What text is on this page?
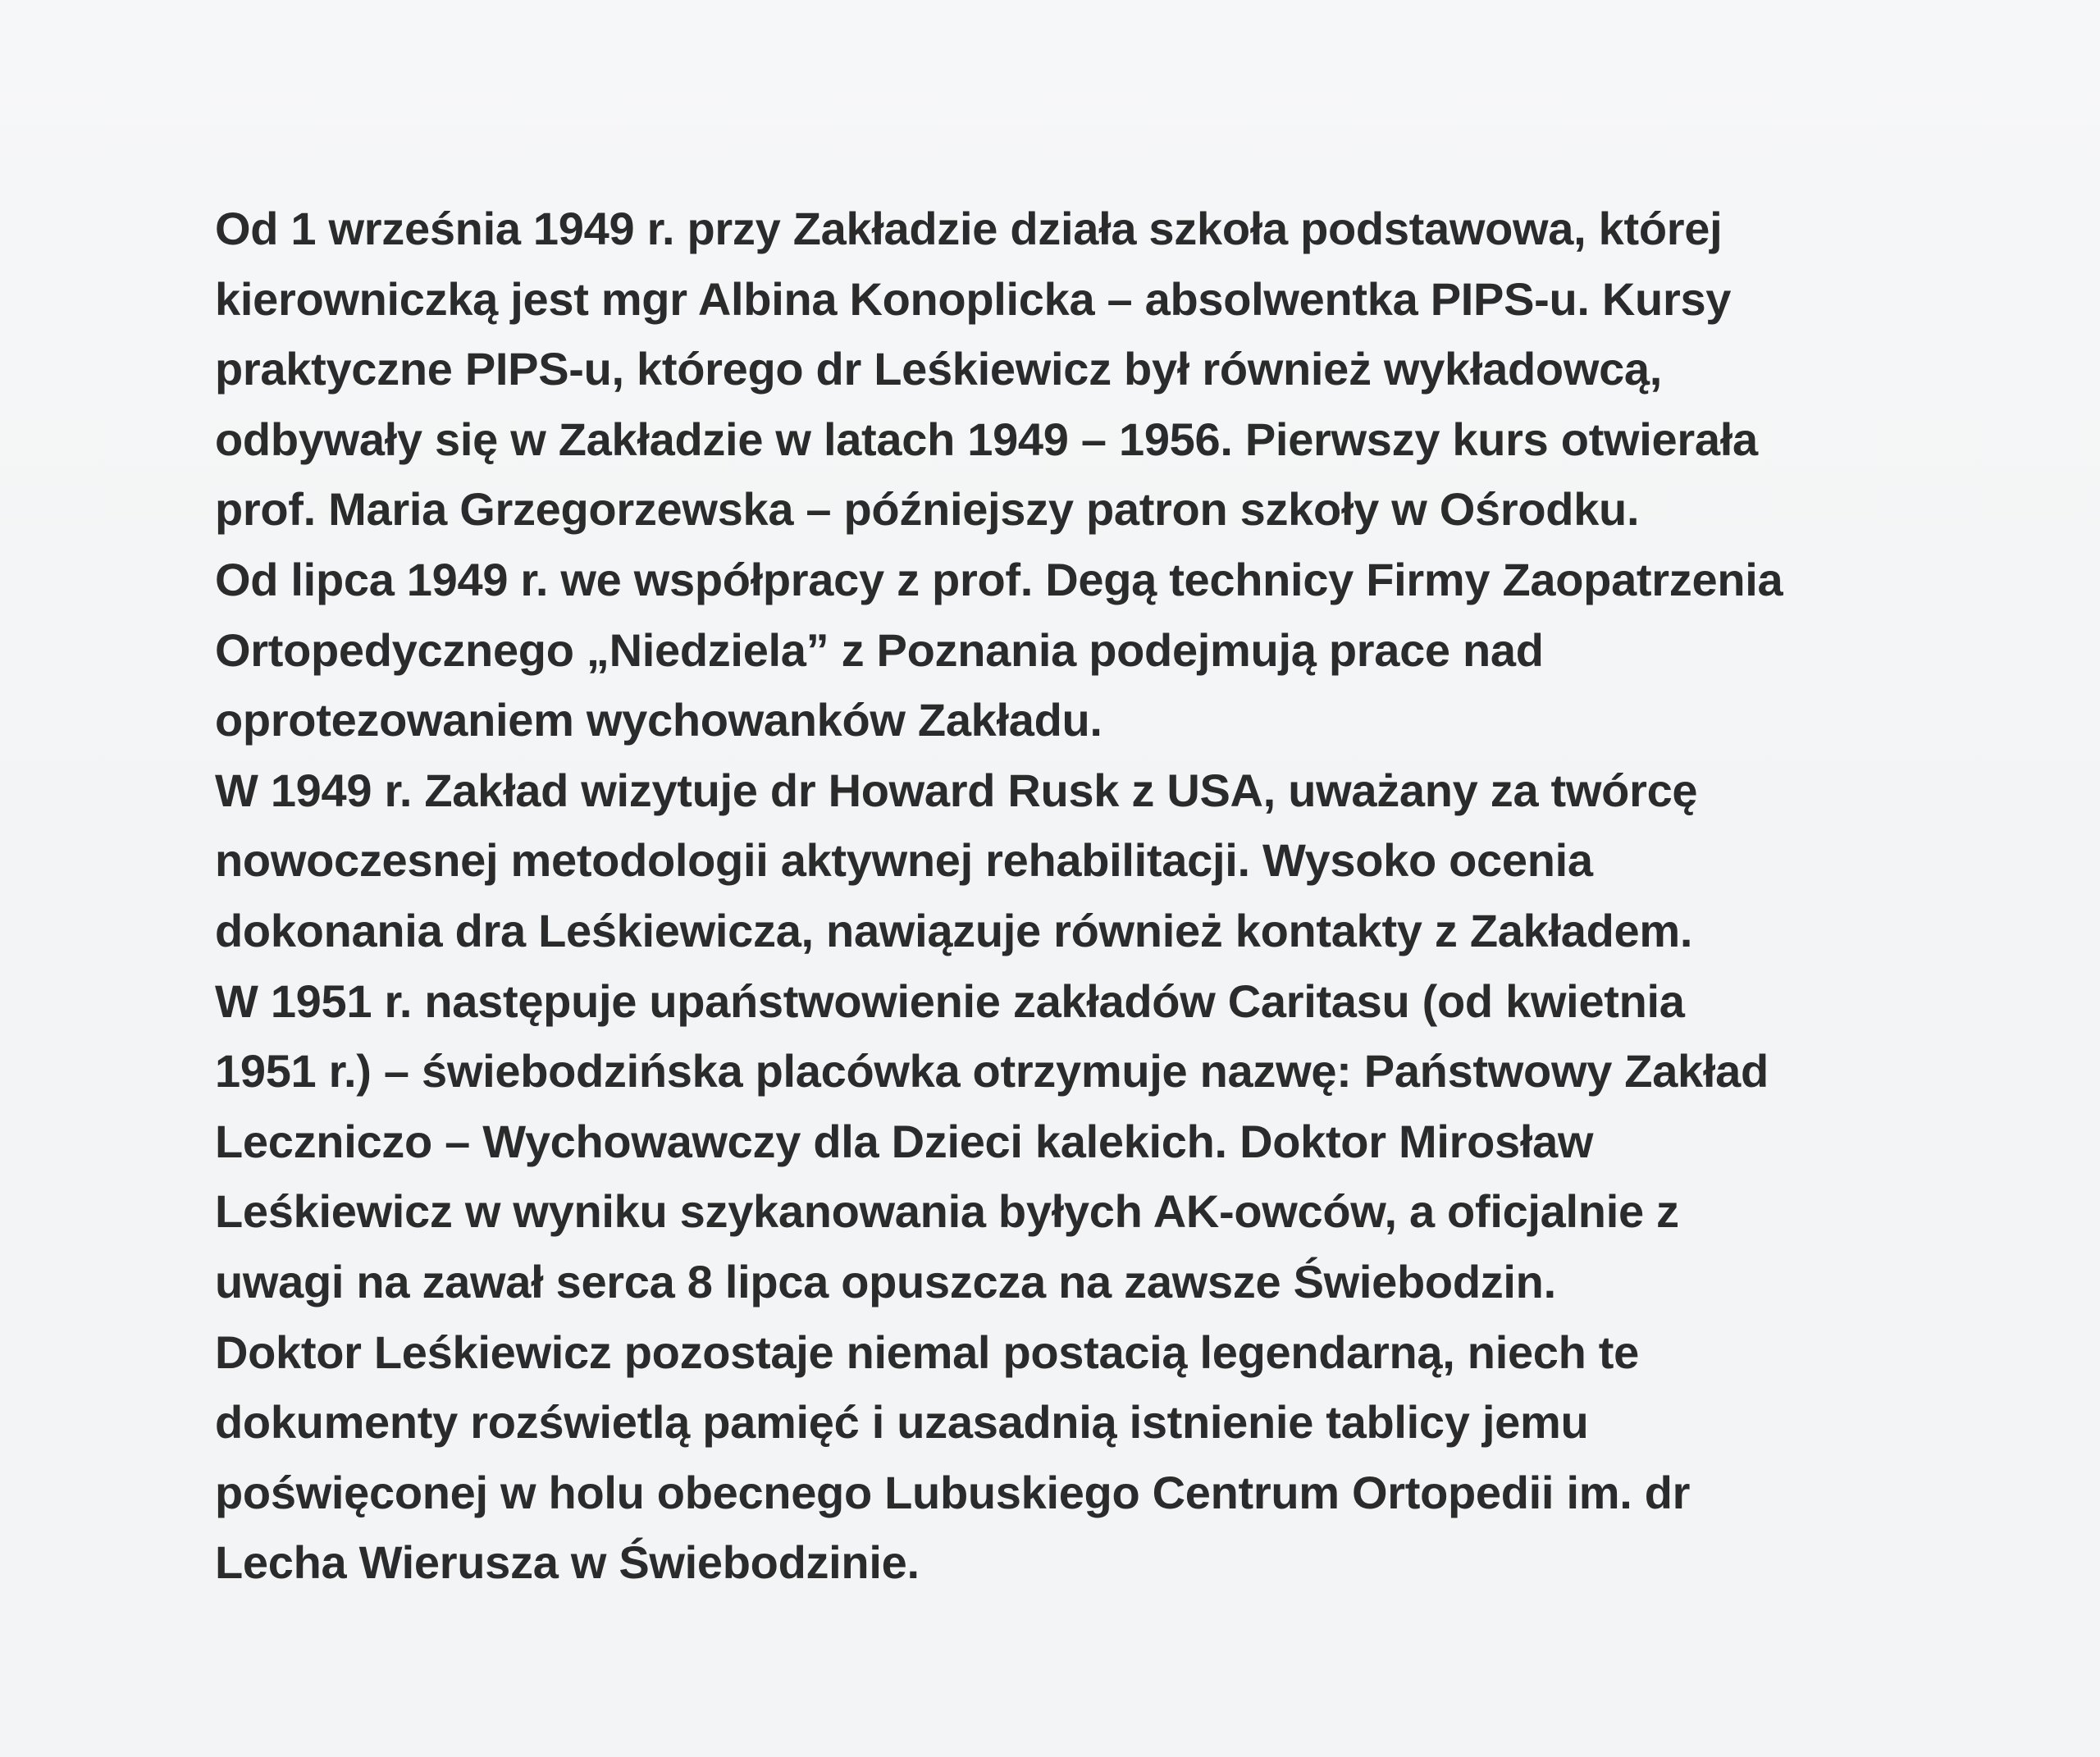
Od 1 września 1949 r. przy Zakładzie działa szkoła podstawowa, której
kierowniczką jest mgr Albina Konoplicka – absolwentka PIPS-u. Kursy
praktyczne PIPS-u, którego dr Leśkiewicz był również wykładowcą,
odbywały się w Zakładzie w latach 1949 – 1956. Pierwszy kurs otwierała
prof. Maria Grzegorzewska – późniejszy patron szkoły w Ośrodku.
Od lipca 1949 r. we współpracy z prof. Degą technicy Firmy Zaopatrzenia
Ortopedycznego „Niedziela” z Poznania podejmują prace nad
oprotezowaniem wychowanków Zakładu.
W 1949 r. Zakład wizytuje dr Howard Rusk z USA, uważany za twórcę
nowoczesnej metodologii aktywnej rehabilitacji. Wysoko ocenia
dokonania dra Leśkiewicza, nawiązuje również kontakty z Zakładem.
W 1951 r. następuje upaństwowienie zakładów Caritasu (od kwietnia
1951 r.) – świebodzińska placówka otrzymuje nazwę: Państwowy Zakład
Leczniczo – Wychowawczy dla Dzieci kalekich. Doktor Mirosław
Leśkiewicz w wyniku szykanowania byłych AK-owców, a oficjalnie z
uwagi na zawał serca 8 lipca opuszcza na zawsze Świebodzin.
Doktor Leśkiewicz pozostaje niemal postacią legendarną, niech te
dokumenty rozświetlą pamięć i uzasadnią istnienie tablicy jemu
poświęconej w holu obecnego Lubuskiego Centrum Ortopedii im. dr
Lecha Wierusza w Świebodzinie.
